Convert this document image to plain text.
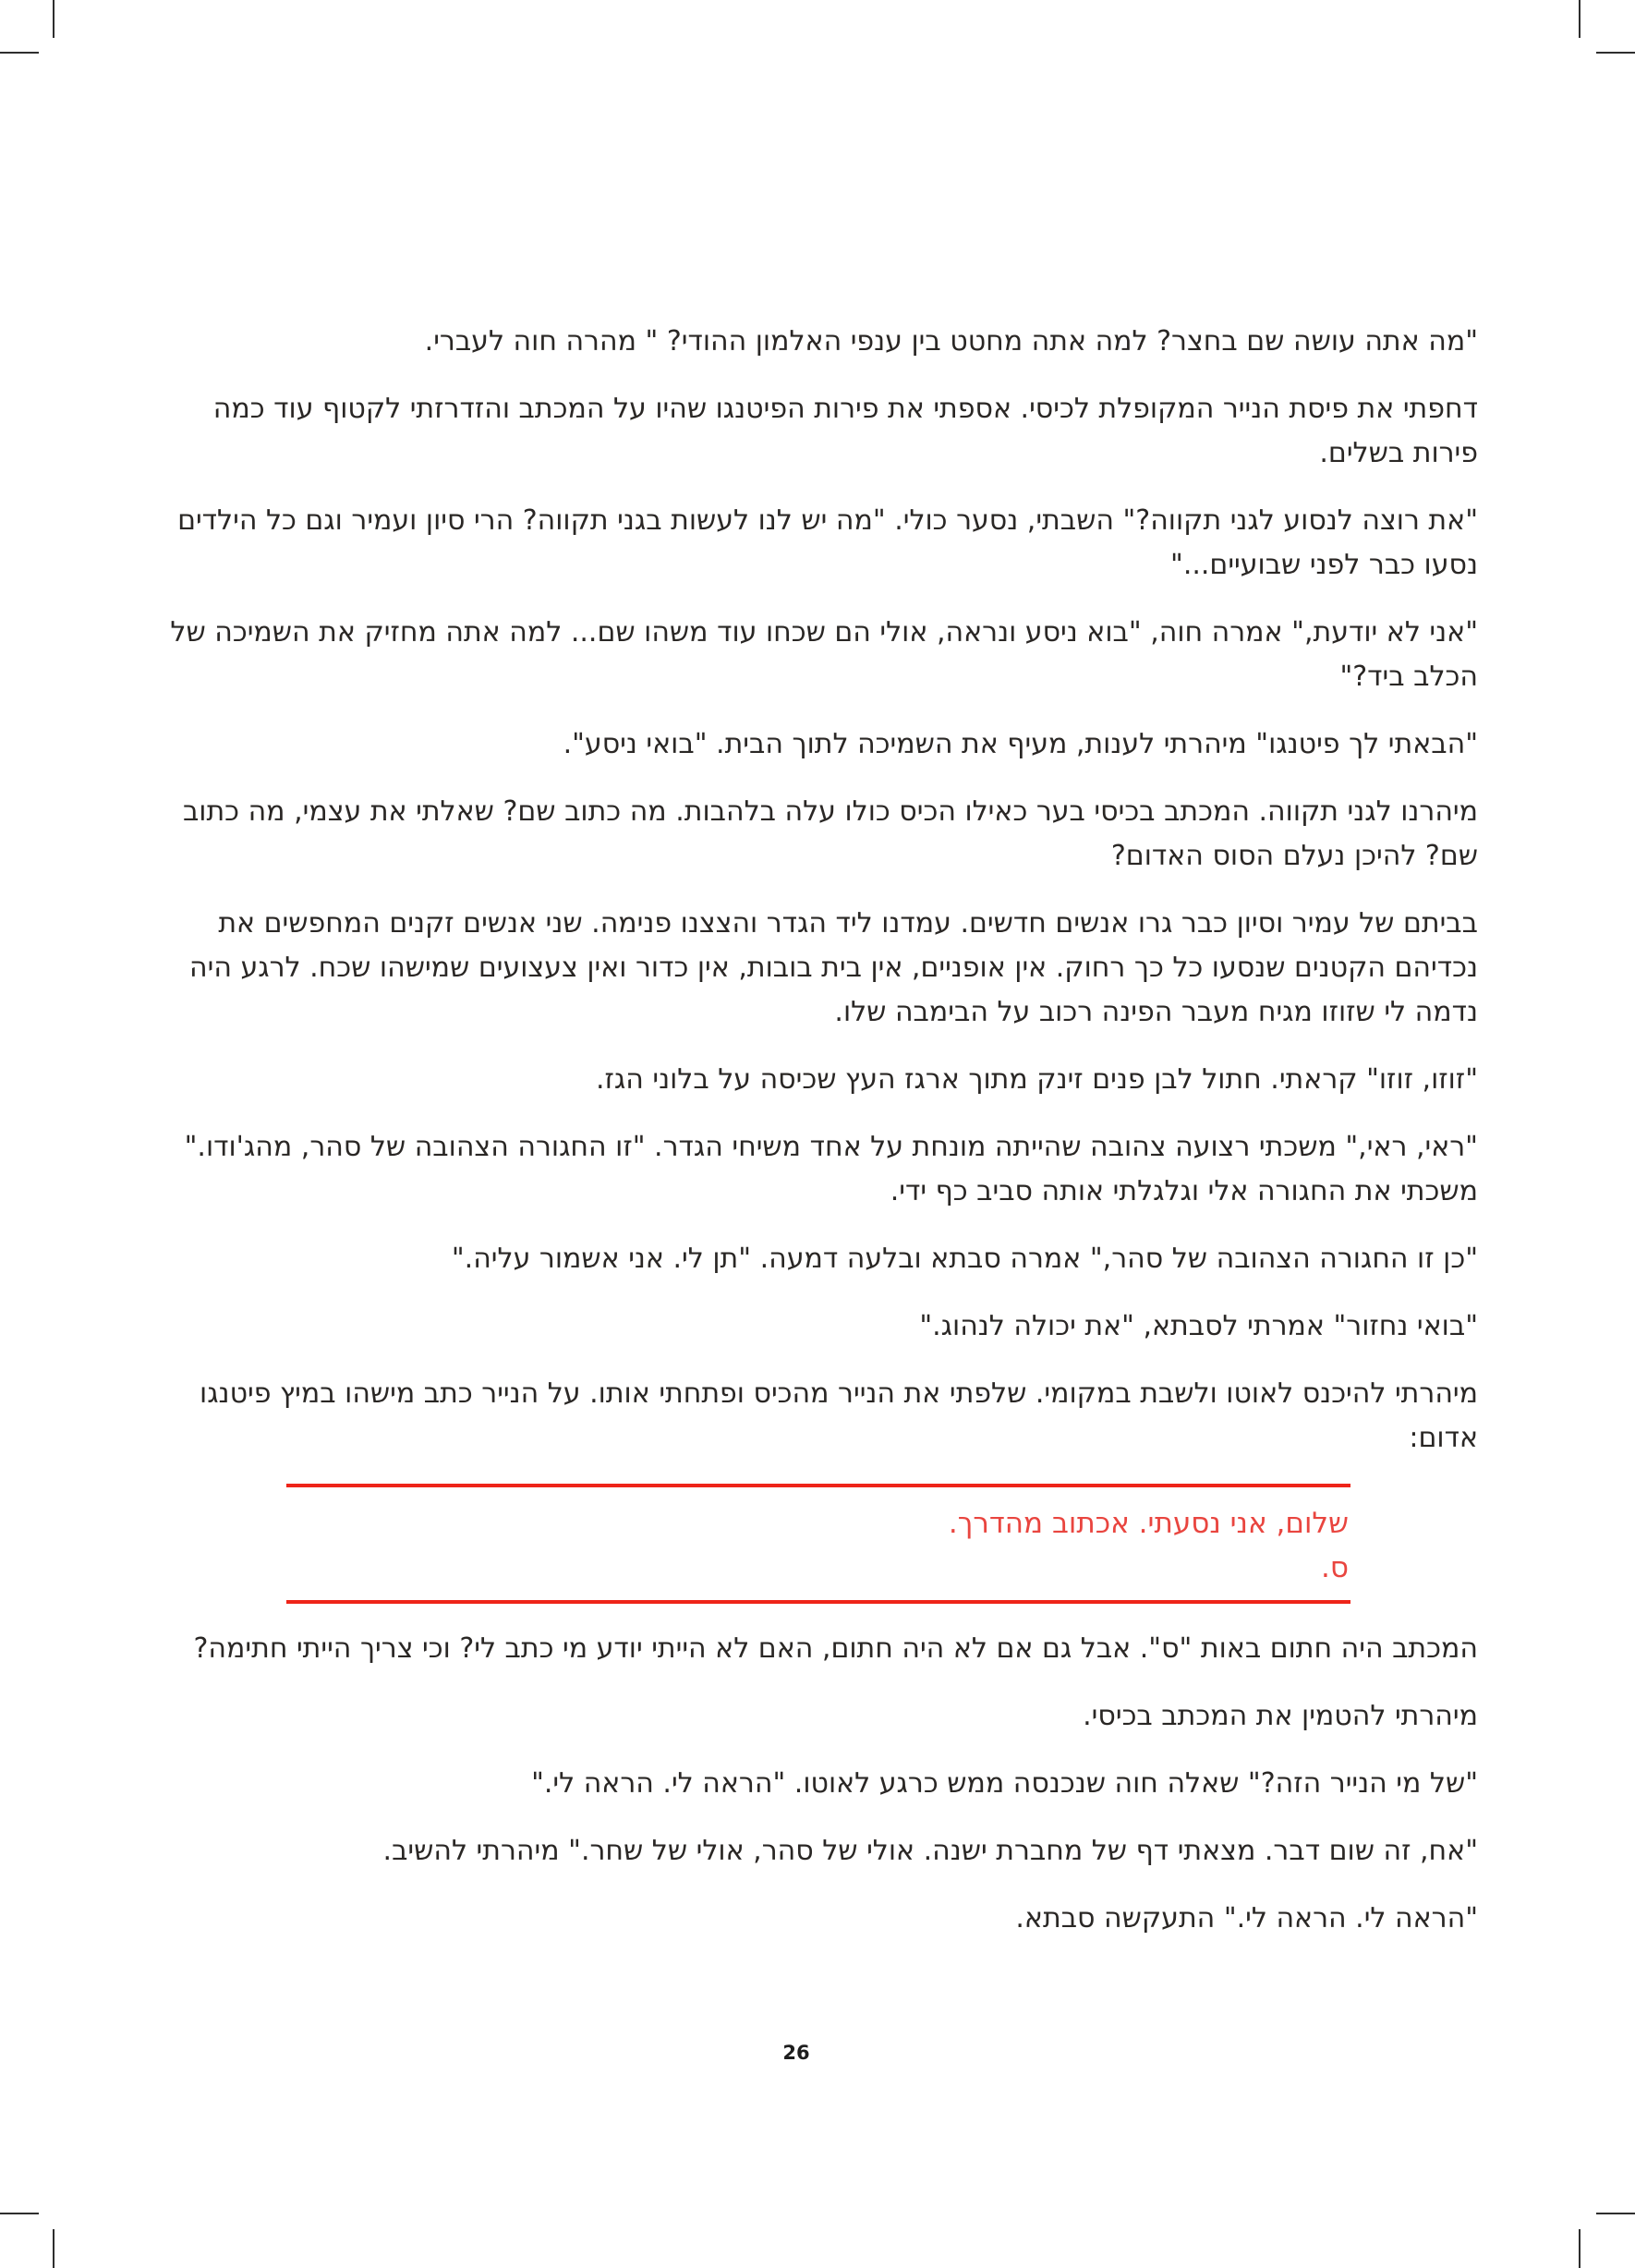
"מה אתה עושה שם בחצר? למה אתה מחטט בין ענפי האלמון ההודי? " מהרה חוה לעברי.

דחפתי את פיסת הנייר המקופלת לכיסי. אספתי את פירות הפיטנגו שהיו על המכתב והזדרזתי לקטוף עוד כמה פירות בשלים.

"את רוצה לנסוע לגני תקווה?" השבתי, נסער כולי. "מה יש לנו לעשות בגני תקווה? הרי סיון ועמיר וגם כל הילדים נסעו כבר לפני שבועיים..."

"אני לא יודעת," אמרה חוה, "בוא ניסע ונראה, אולי הם שכחו עוד משהו שם... למה אתה מחזיק את השמיכה של הכלב ביד?"

"הבאתי לך פיטנגו" מיהרתי לענות, מעיף את השמיכה לתוך הבית. "בואי ניסע".

מיהרנו לגני תקווה. המכתב בכיסי בער כאילו הכיס כולו עלה בלהבות. מה כתוב שם? שאלתי את עצמי, מה כתוב שם? להיכן נעלם הסוס האדום?

בביתם של עמיר וסיון כבר גרו אנשים חדשים. עמדנו ליד הגדר והצצנו פנימה. שני אנשים זקנים המחפשים את נכדיהם הקטנים שנסעו כל כך רחוק. אין אופניים, אין בית בובות, אין כדור ואין צעצועים שמישהו שכח. לרגע היה נדמה לי שזוזו מגיח מעבר הפינה רכוב על הבימבה שלו.

"זוזו, זוזו" קראתי. חתול לבן פנים זינק מתוך ארגז העץ שכיסה על בלוני הגז.

"ראי, ראי," משכתי רצועה צהובה שהייתה מונחת על אחד משיחי הגדר. "זו החגורה הצהובה של סהר, מהג'ודו." משכתי את החגורה אלי וגלגלתי אותה סביב כף ידי.

"כן זו החגורה הצהובה של סהר," אמרה סבתא ובלעה דמעה. "תן לי. אני אשמור עליה."

"בואי נחזור" אמרתי לסבתא, "את יכולה לנהוג."

מיהרתי להיכנס לאוטו ולשבת במקומי. שלפתי את הנייר מהכיס ופתחתי אותו. על הנייר כתב מישהו במיץ פיטנגו אדום:

שלום, אני נסעתי. אכתוב מהדרך.
ס.

המכתב היה חתום באות "ס". אבל גם אם לא היה חתום, האם לא הייתי יודע מי כתב לי? וכי צריך הייתי חתימה?

מיהרתי להטמין את המכתב בכיסי.

"של מי הנייר הזה?" שאלה חוה שנכנסה ממש כרגע לאוטו. "הראה לי. הראה לי."

"אח, זה שום דבר. מצאתי דף של מחברת ישנה. אולי של סהר, אולי של שחר." מיהרתי להשיב.

"הראה לי. הראה לי." התעקשה סבתא.

26
